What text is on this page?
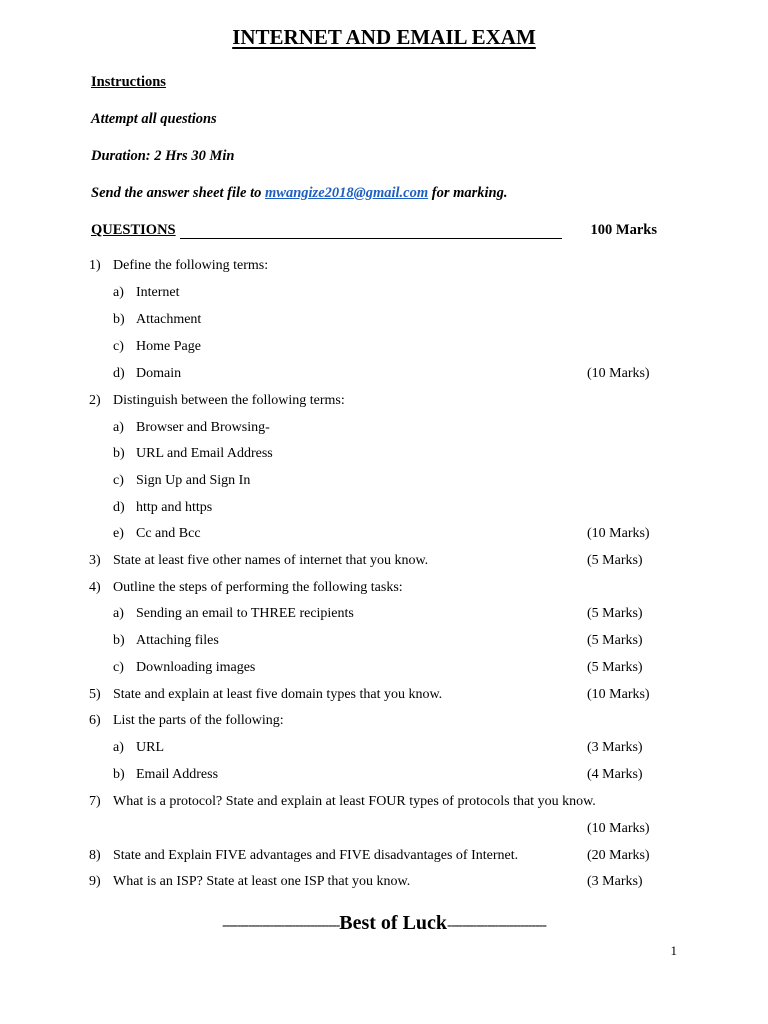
INTERNET AND EMAIL EXAM
Instructions
Attempt all questions
Duration: 2 Hrs 30 Min
Send the answer sheet file to mwangize2018@gmail.com for marking.
QUESTIONS	100 Marks
1) Define the following terms:
a) Internet
b) Attachment
c) Home Page
d) Domain	(10 Marks)
2) Distinguish between the following terms:
a) Browser and Browsing-
b) URL and Email Address
c) Sign Up and Sign In
d) http and https
e) Cc and Bcc	(10 Marks)
3) State at least five other names of internet that you know.	(5 Marks)
4) Outline the steps of performing the following tasks:
a) Sending an email to THREE recipients	(5 Marks)
b) Attaching files	(5 Marks)
c) Downloading images	(5 Marks)
5) State and explain at least five domain types that you know.	(10 Marks)
6) List the parts of the following:
a) URL	(3 Marks)
b) Email Address	(4 Marks)
7) What is a protocol? State and explain at least FOUR types of protocols that you know.
(10 Marks)
8) State and Explain FIVE advantages and FIVE disadvantages of Internet.	(20 Marks)
9) What is an ISP? State at least one ISP that you know.	(3 Marks)
--------------------------------Best of Luck---------------------------
1
